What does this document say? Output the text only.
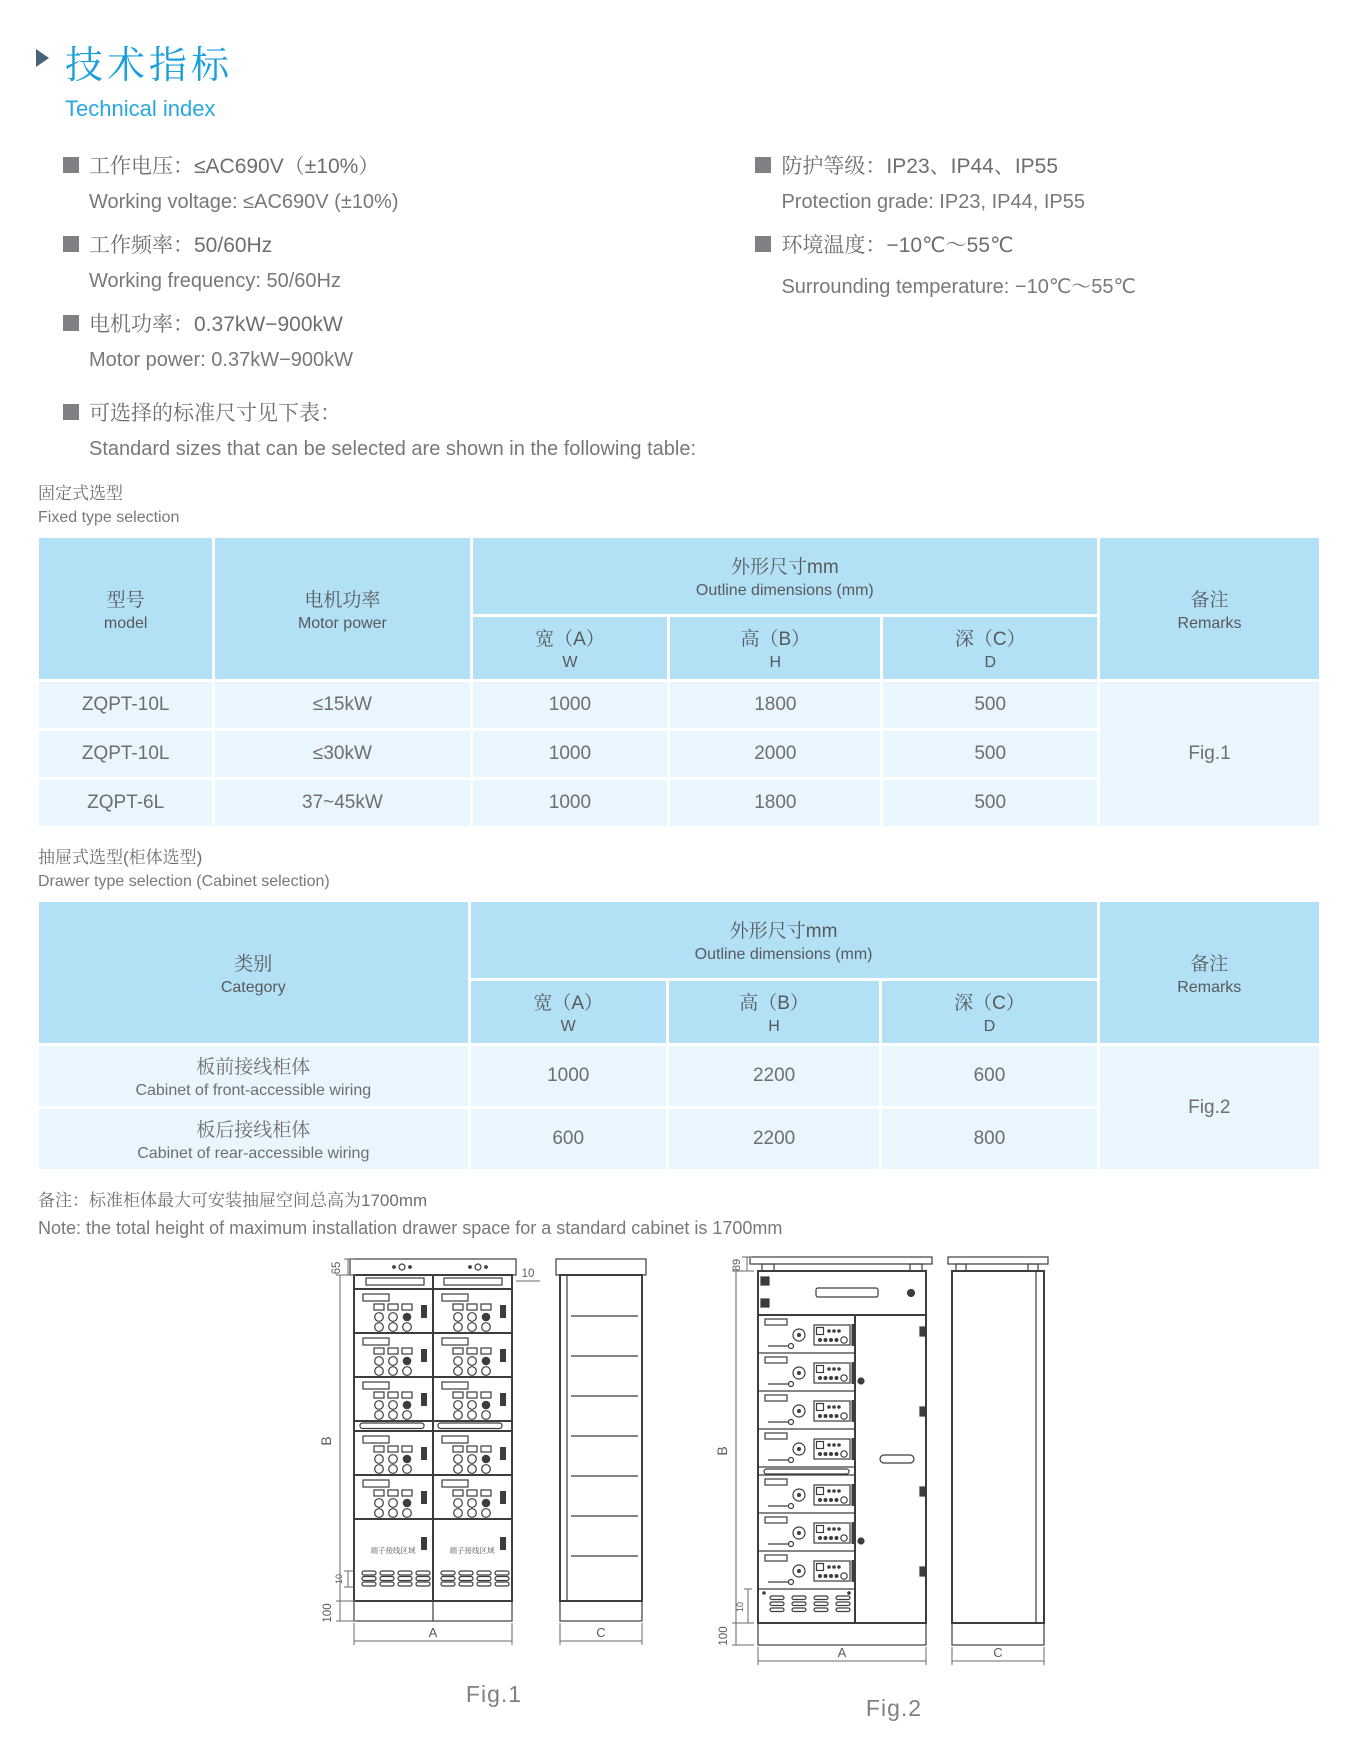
技术指标
Technical index
工作电压：≤AC690V（±10%）
Working voltage: ≤AC690V (±10%)
工作频率：50/60Hz
Working frequency: 50/60Hz
电机功率：0.37kW−900kW
Motor power: 0.37kW−900kW
防护等级：IP23、IP44、IP55
Protection grade: IP23, IP44, IP55
环境温度：−10℃～55℃
Surrounding temperature: −10℃～55℃
可选择的标准尺寸见下表：
Standard sizes that can be selected are shown in the following table:
固定式选型
Fixed type selection
型号
model	电机功率
Motor power	外形尺寸mm
Outline dimensions (mm)			备注
Remarks

		宽（A）
W	高（B）
H	深（C）
D	

ZQPT-10L	≤15kW	1000	1800	500	Fig.1
ZQPT-10L	≤30kW	1000	2000	500	
ZQPT-6L	37~45kW	1000	1800	500	
抽屉式选型(柜体选型)
Drawer type selection (Cabinet selection)
类别
Category	外形尺寸mm
Outline dimensions (mm)			备注
Remarks

	宽（A）
W	高（B）
H	深（C）
D	

板前接线柜体
Cabinet of front-accessible wiring	1000	2200	600	Fig.2

板后接线柜体
Cabinet of rear-accessible wiring	600	2200	800	
备注：标准柜体最大可安装抽屉空间总高为1700mm
Note: the total height of maximum installation drawer space for a standard cabinet is 1700mm
端子接线区域	端子接线区域
65
B
10
100
10
A	C
Fig.1
89
B
10
100
A	C
Fig.2
